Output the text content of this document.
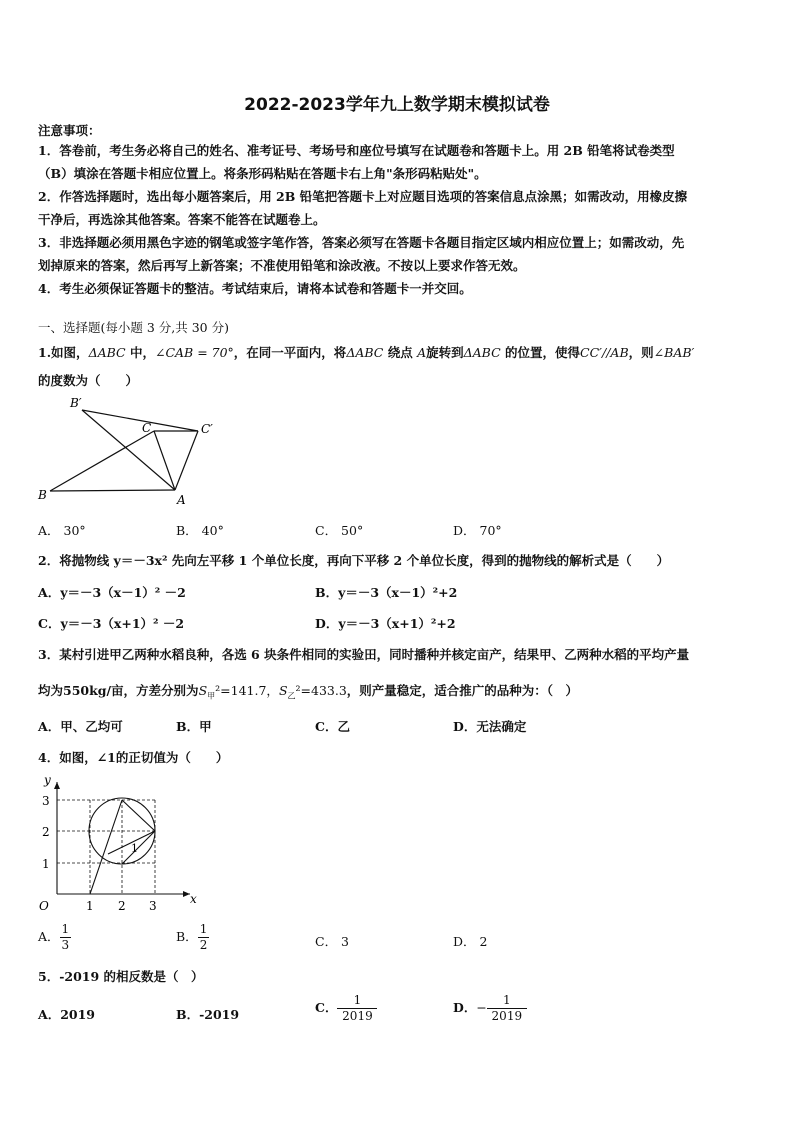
2022-2023学年九上数学期末模拟试卷
注意事项：
1．答卷前，考生务必将自己的姓名、准考证号、考场号和座位号填写在试题卷和答题卡上。用 2B 铅笔将试卷类型
（B）填涂在答题卡相应位置上。将条形码粘贴在答题卡右上角"条形码粘贴处"。
2．作答选择题时，选出每小题答案后，用 2B 铅笔把答题卡上对应题目选项的答案信息点涂黑；如需改动，用橡皮擦
干净后，再选涂其他答案。答案不能答在试题卷上。
3．非选择题必须用黑色字迹的钢笔或签字笔作答，答案必须写在答题卡各题目指定区域内相应位置上；如需改动，先
划掉原来的答案，然后再写上新答案；不准使用铅笔和涂改液。不按以上要求作答无效。
4．考生必须保证答题卡的整洁。考试结束后，请将本试卷和答题卡一并交回。
一、选择题(每小题 3 分,共 30 分)
1.如图，ΔABC 中，∠CAB = 70°，在同一平面内，将ΔABC 绕点 A旋转到ΔABC 的位置，使得CC′//AB，则∠BAB′
的度数为（　　）
B′
C	C′
B	A
A． 30°	B． 40°	C． 50°	D． 70°
2．将抛物线 y＝－3x² 先向左平移 1 个单位长度，再向下平移 2 个单位长度，得到的抛物线的解析式是（　　）
A．y＝－3（x－1）² －2	B．y＝－3（x－1）²+2
C．y＝－3（x+1）² －2	D．y＝－3（x+1）²+2
3．某村引进甲乙两种水稻良种，各选 6 块条件相同的实验田，同时播种并核定亩产，结果甲、乙两种水稻的平均产量
均为550kg/亩，方差分别为$S_甲^2=141.7$，$S_乙^2=433.3$，则产量稳定，适合推广的品种为：（　）
A．甲、乙均可	B．甲	C．乙	D．无法确定
4．如图，∠1的正切值为（　　）
y
x
O	1 2 3
3
2
1
1
A． $\frac{1}{3}$	B． $\frac{1}{2}$	C． 3	D． 2
5．-2019 的相反数是（　）
A．2019	B．-2019	C． $\frac{1}{2019}$	D．− $\frac{1}{2019}$
